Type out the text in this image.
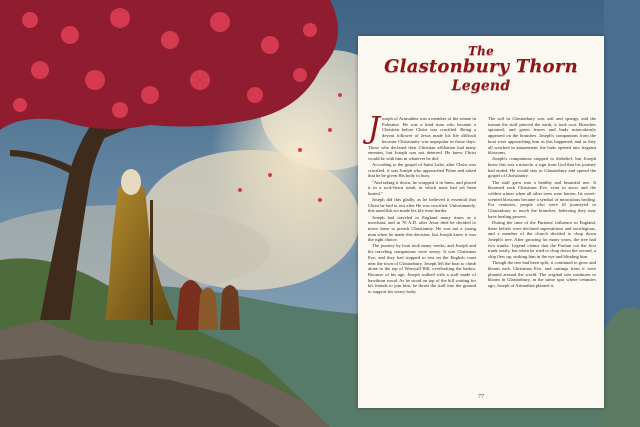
The
Glastonbury Thorn
Legend

Joseph of Arimathea was a member of the senate in Palestine. He was a kind man who became a Christian before Christ was crucified. Being a devout follower of Jesus made his life difficult because Christianity was unpopular in those days. Those who declared their Christian affiliation had many enemies, but Joseph was not deterred. He knew Christ would be with him in whatever he did.

According to the gospel of Saint Luke, after Christ was crucified, it was Joseph who approached Pilate and asked that he be given His body to bury.

"And taking it down, he wrapped it in linen, and placed it in a rock-hewn tomb, in which none had yet been buried."

Joseph did this gladly, as he believed it essential that Christ be laid to rest after He was crucified. Unfortunately, this unselfish act made his life even harder.

Joseph had traveled to England many times as a merchant, and in 70 A.D. after Jesus died he decided to move there to preach Christianity. He was not a young man when he made this decision, but Joseph knew it was the right choice.

The journey by boat took many weeks, and Joseph and his traveling companions were weary. It was Christmas Eve, and they had stopped to rest on the English coast near the town of Glastonbury. Joseph left the boat to climb alone to the top of Wearyall Hill, overlooking the harbor. Because of his age, Joseph walked with a staff made of hawthorn wood. As he stood on top of the hill waiting for his friends to join him, he thrust the staff into the ground to support his weary body.

The soil in Glastonbury was soft and spongy, and the instant the staff pierced the earth, it took root. Branches sprouted, and green leaves and buds miraculously appeared on the branches. Joseph's companions from the boat were approaching him as this happened, and as they all watched in amazement, the buds opened into fragrant blossoms.

Joseph's companions stopped to disbelief, but Joseph knew this was a miracle, a sign from God that his journey had ended. He would stay in Glastonbury and spread the gospel of Christianity.

The staff grew into a healthy and beautiful tree. It bloomed each Christmas Eve, even in snow and the coldest winter when all other trees were barren. Its sweet-scented blossoms became a symbol of miraculous healing. For centuries, people who were ill journeyed to Glastonbury to touch the branches, believing they may have healing powers.

During the time of the Puritans' influence in England, these beliefs were declared superstitious and sacrilegious, and a member of the church decided to chop down Joseph's tree. After growing for many years, the tree had two trunks. Legend claims that the Puritan cut the first trunk easily, but when he tried to chop down the second, a chip flew up, striking him in the eye and blinding him.

Though the tree had been split, it continued to grow and bloom each Christmas Eve, and cuttings from it were planted around the world. The original tree continues to bloom in Glastonbury, in the same spot where centuries ago, Joseph of Arimathea planted it.

77
